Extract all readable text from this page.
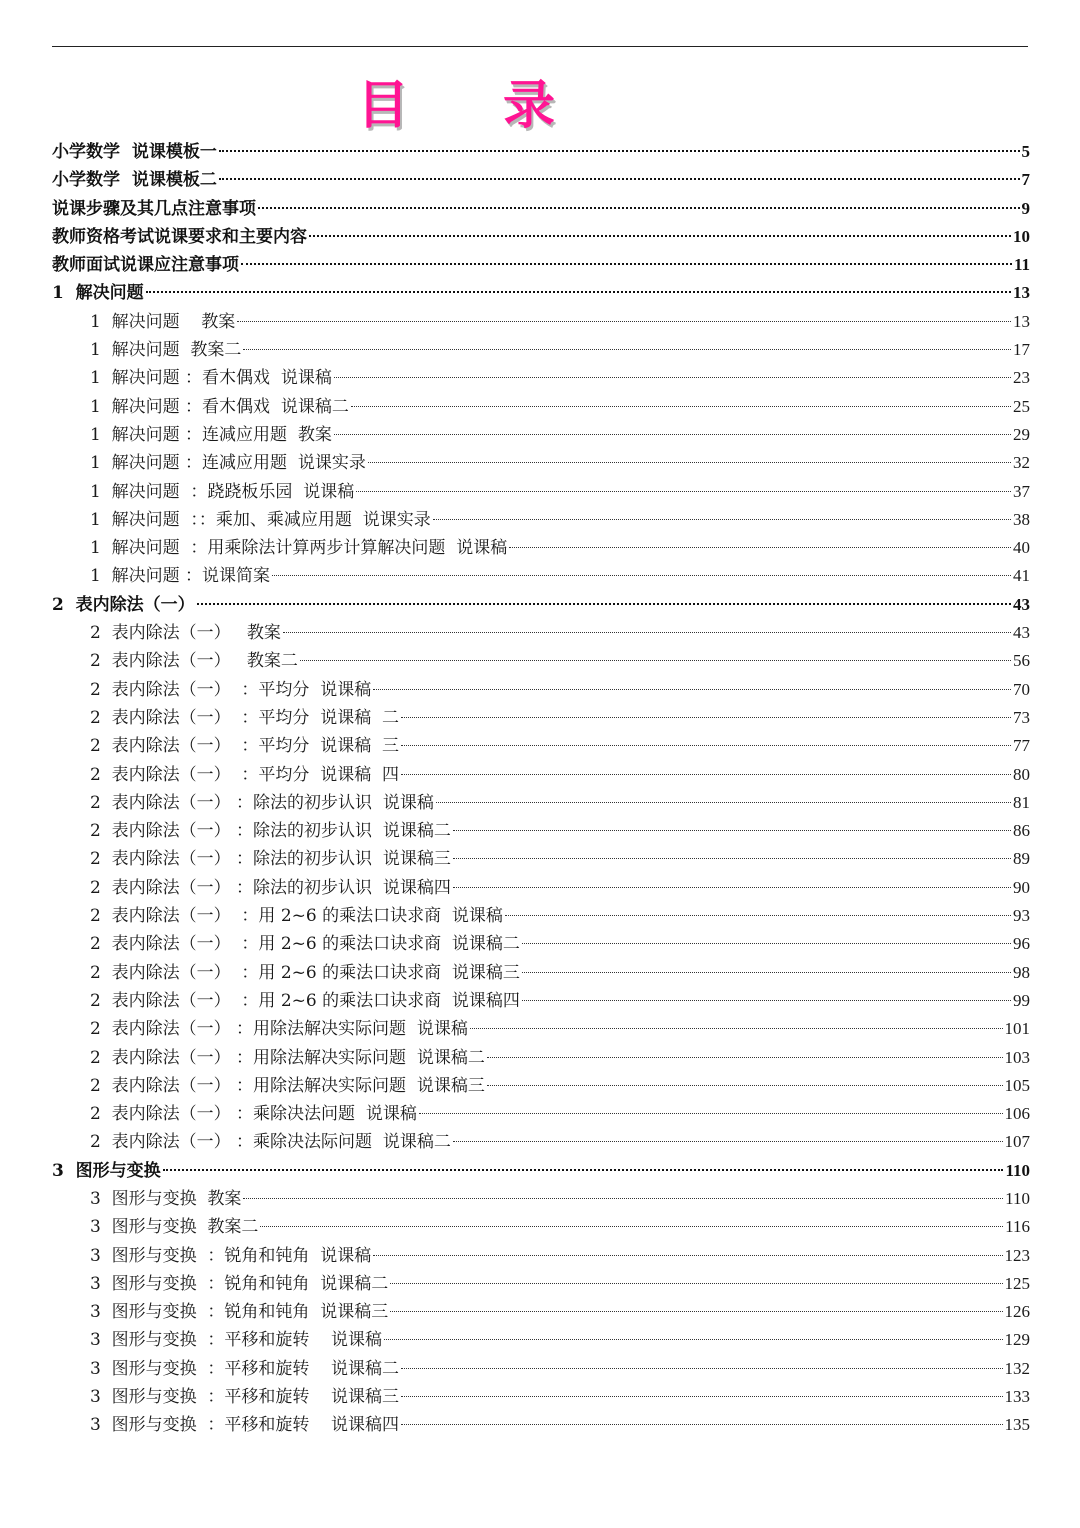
目 录
小学数学  说课模板一	5
小学数学  说课模板二	7
说课步骤及其几点注意事项	9
教师资格考试说课要求和主要内容	10
教师面试说课应注意事项	11
1  解决问题	13
1  解决问题    教案	13
1  解决问题  教案二	17
1  解决问题 ：看木偶戏  说课稿	23
1  解决问题 ：看木偶戏  说课稿二	25
1  解决问题 ：连减应用题  教案	29
1  解决问题 ：连减应用题  说课实录	32
1  解决问题  ：跷跷板乐园  说课稿	37
1  解决问题  ：：乘加、乘减应用题  说课实录	38
1  解决问题  ：用乘除法计算两步计算解决问题  说课稿	40
1  解决问题 ：说课简案	41
2  表内除法（一）	43
2  表内除法（一）   教案	43
2  表内除法（一）   教案二	56
2  表内除法（一）  ：平均分  说课稿	70
2  表内除法（一）  ：平均分  说课稿  二	73
2  表内除法（一）  ：平均分  说课稿  三	77
2  表内除法（一）  ：平均分  说课稿  四	80
2  表内除法（一） ：除法的初步认识  说课稿	81
2  表内除法（一） ：除法的初步认识  说课稿二	86
2  表内除法（一） ：除法的初步认识  说课稿三	89
2  表内除法（一） ：除法的初步认识  说课稿四	90
2  表内除法（一）  ：用 2~6 的乘法口诀求商  说课稿	93
2  表内除法（一）  ：用 2~6 的乘法口诀求商  说课稿二	96
2  表内除法（一）  ：用 2~6 的乘法口诀求商  说课稿三	98
2  表内除法（一）  ：用 2~6 的乘法口诀求商  说课稿四	99
2  表内除法（一） ：用除法解决实际问题  说课稿	101
2  表内除法（一） ：用除法解决实际问题  说课稿二	103
2  表内除法（一） ：用除法解决实际问题  说课稿三	105
2  表内除法（一） ：乘除决法问题  说课稿	106
2  表内除法（一） ：乘除决法际问题  说课稿二	107
3  图形与变换	110
3  图形与变换  教案	110
3  图形与变换  教案二	116
3  图形与变换  ：锐角和钝角  说课稿	123
3  图形与变换  ：锐角和钝角  说课稿二	125
3  图形与变换  ：锐角和钝角  说课稿三	126
3  图形与变换  ：平移和旋转    说课稿	129
3  图形与变换  ：平移和旋转    说课稿二	132
3  图形与变换  ：平移和旋转    说课稿三	133
3  图形与变换  ：平移和旋转    说课稿四	135
